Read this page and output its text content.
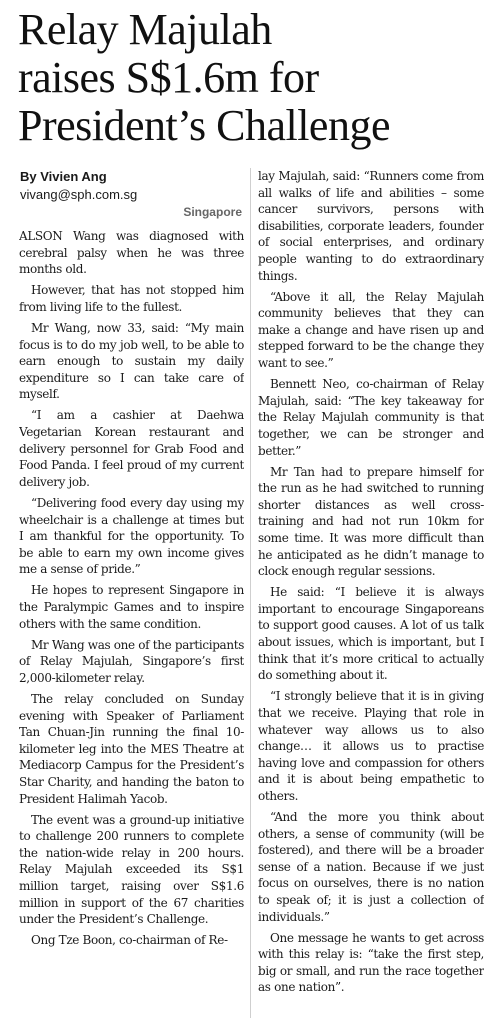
Relay Majulah
raises S$1.6m for
President’s Challenge
By Vivien Ang
vivang@sph.com.sg
Singapore

ALSON Wang was diagnosed with cerebral palsy when he was three months old.

However, that has not stopped him from living life to the fullest.

Mr Wang, now 33, said: “My main focus is to do my job well, to be able to earn enough to sustain my daily expenditure so I can take care of myself.

“I am a cashier at Daehwa Vegetarian Korean restaurant and delivery personnel for Grab Food and Food Panda. I feel proud of my current delivery job.

“Delivering food every day using my wheelchair is a challenge at times but I am thankful for the opportunity. To be able to earn my own income gives me a sense of pride.”

He hopes to represent Singapore in the Paralympic Games and to inspire others with the same condition.

Mr Wang was one of the participants of Relay Majulah, Singapore’s first 2,000-kilometer relay.

The relay concluded on Sunday evening with Speaker of Parliament Tan Chuan-Jin running the final 10-kilometer leg into the MES Theatre at Mediacorp Campus for the President’s Star Charity, and handing the baton to President Halimah Yacob.

The event was a ground-up initiative to challenge 200 runners to complete the nation-wide relay in 200 hours. Relay Majulah exceeded its S$1 million target, raising over S$1.6 million in support of the 67 charities under the President’s Challenge.

Ong Tze Boon, co-chairman of Re-

lay Majulah, said: “Runners come from all walks of life and abilities – some cancer survivors, persons with disabilities, corporate leaders, founder of social enterprises, and ordinary people wanting to do extraordinary things.

“Above it all, the Relay Majulah community believes that they can make a change and have risen up and stepped forward to be the change they want to see.”

Bennett Neo, co-chairman of Relay Majulah, said: “The key takeaway for the Relay Majulah community is that together, we can be stronger and better.”

Mr Tan had to prepare himself for the run as he had switched to running shorter distances as well cross-training and had not run 10km for some time. It was more difficult than he anticipated as he didn’t manage to clock enough regular sessions.

He said: “I believe it is always important to encourage Singaporeans to support good causes. A lot of us talk about issues, which is important, but I think that it’s more critical to actually do something about it.

“I strongly believe that it is in giving that we receive. Playing that role in whatever way allows us to also change… it allows us to practise having love and compassion for others and it is about being empathetic to others.

“And the more you think about others, a sense of community (will be fostered), and there will be a broader sense of a nation. Because if we just focus on ourselves, there is no nation to speak of; it is just a collection of individuals.”

One message he wants to get across with this relay is: “take the first step, big or small, and run the race together as one nation”.
